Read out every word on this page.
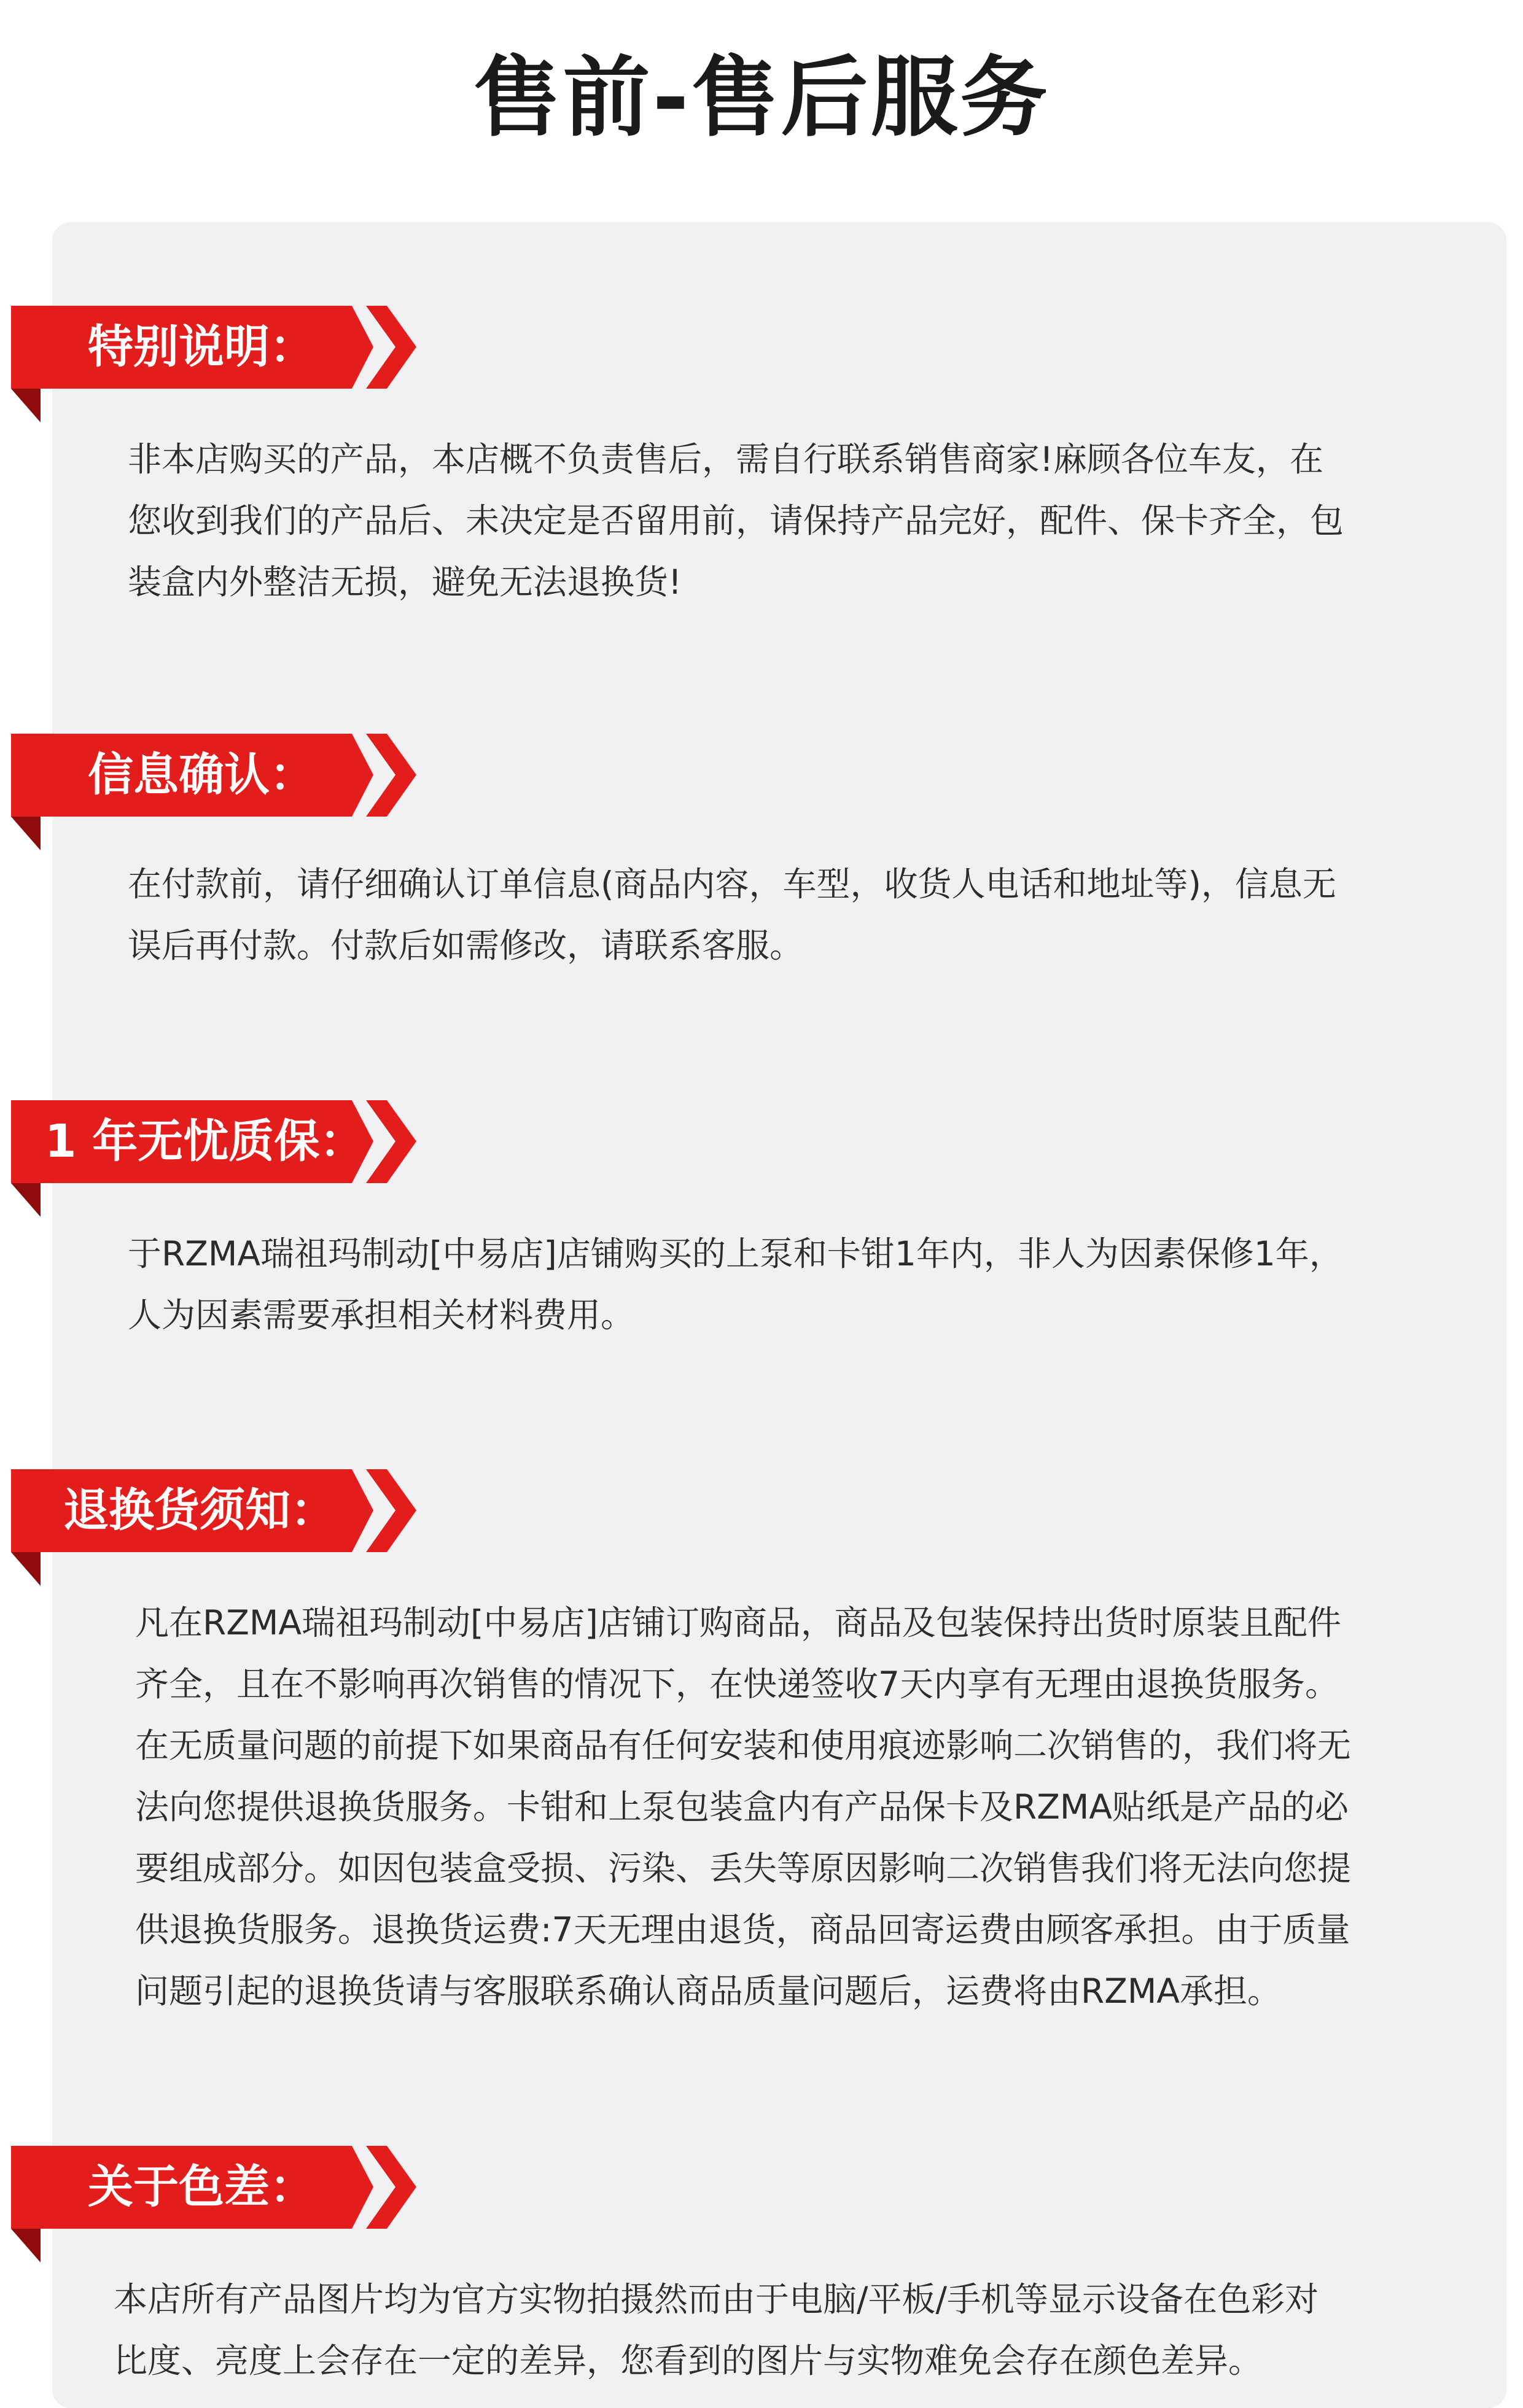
售前-售后服务
特别说明：
非本店购买的产品，本店概不负责售后，需自行联系销售商家!麻顾各位车友，在
您收到我们的产品后、未决定是否留用前，请保持产品完好，配件、保卡齐全，包
装盒内外整洁无损，避免无法退换货!
信息确认：
在付款前，请仔细确认订单信息(商品内容，车型，收货人电话和地址等)，信息无
误后再付款。付款后如需修改，请联系客服。
1 年无忧质保：
于RZMA瑞祖玛制动[中易店]店铺购买的上泵和卡钳1年内，非人为因素保修1年，
人为因素需要承担相关材料费用。
退换货须知：
凡在RZMA瑞祖玛制动[中易店]店铺订购商品，商品及包装保持出货时原装且配件
齐全，且在不影响再次销售的情况下，在快递签收7天内享有无理由退换货服务。
在无质量问题的前提下如果商品有任何安装和使用痕迹影响二次销售的，我们将无
法向您提供退换货服务。卡钳和上泵包装盒内有产品保卡及RZMA贴纸是产品的必
要组成部分。如因包装盒受损、污染、丢失等原因影响二次销售我们将无法向您提
供退换货服务。退换货运费:7天无理由退货，商品回寄运费由顾客承担。由于质量
问题引起的退换货请与客服联系确认商品质量问题后，运费将由RZMA承担。
关于色差：
本店所有产品图片均为官方实物拍摄然而由于电脑/平板/手机等显示设备在色彩对
比度、亮度上会存在一定的差异，您看到的图片与实物难免会存在颜色差异。
